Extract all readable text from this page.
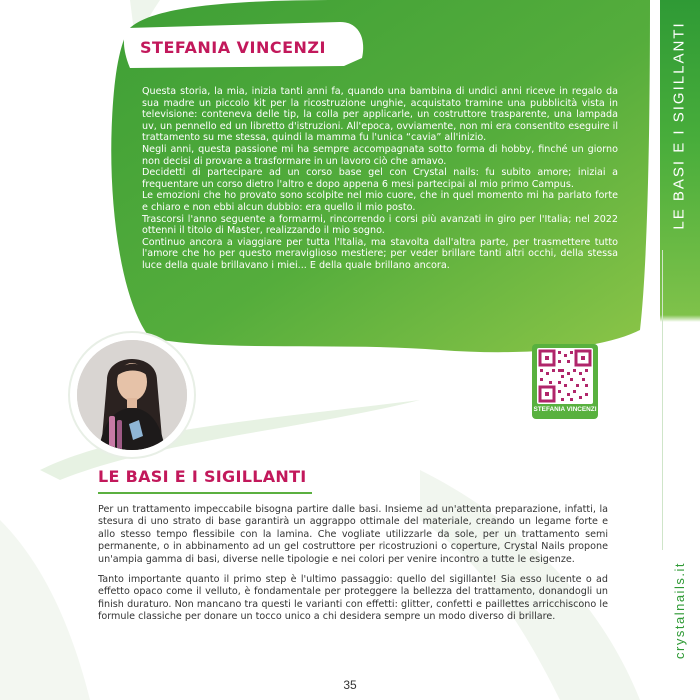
LE BASI E I SIGILLANTI
crystalnails.it
STEFANIA VINCENZI

Questa storia, la mia, inizia tanti anni fa, quando una bambina di undici anni riceve in regalo da sua madre un piccolo kit per la ricostruzione unghie, acquistato tramine una pubblicità vista in televisione: conteneva delle tip, la colla per applicarle, un costruttore trasparente, una lampada uv, un pennello ed un libretto d'istruzioni. All'epoca, ovviamente, non mi era consentito eseguire il trattamento su me stessa, quindi la mamma fu l'unica “cavia” all'inizio.

Negli anni, questa passione mi ha sempre accompagnata sotto forma di hobby, finché un giorno non decisi di provare a trasformare in un lavoro ciò che amavo.

Decidetti di partecipare ad un corso base gel con Crystal nails: fu subito amore; iniziai a frequentare un corso dietro l'altro e dopo appena 6 mesi partecipai al mio primo Campus.

Le emozioni che ho provato sono scolpite nel mio cuore, che in quel momento mi ha parlato forte e chiaro e non ebbi alcun dubbio: era quello il mio posto.

Trascorsi l'anno seguente a formarmi, rincorrendo i corsi più avanzati in giro per l'Italia; nel 2022 ottenni il titolo di Master, realizzando il mio sogno.

Continuo ancora a viaggiare per tutta l'Italia, ma stavolta dall'altra parte, per trasmettere tutto l'amore che ho per questo meraviglioso mestiere; per veder brillare tanti altri occhi, della stessa luce della quale brillavano i miei... E della quale brillano ancora.

STEFANIA VINCENZI
LE BASI E I SIGILLANTI

Per un trattamento impeccabile bisogna partire dalle basi. Insieme ad un'attenta preparazione, infatti, la stesura di uno strato di base garantirà un aggrappo ottimale del materiale, creando un legame forte e allo stesso tempo flessibile con la lamina. Che vogliate utilizzarle da sole, per un trattamento semi permanente, o in abbinamento ad un gel costruttore per ricostruzioni o coperture, Crystal Nails propone un'ampia gamma di basi, diverse nelle tipologie e nei colori per venire incontro a tutte le esigenze.

Tanto importante quanto il primo step è l'ultimo passaggio: quello del sigillante! Sia esso lucente o ad effetto opaco come il velluto, è fondamentale per proteggere la bellezza del trattamento, donandogli un finish duraturo. Non mancano tra questi le varianti con effetti: glitter, confetti e paillettes arricchiscono le formule classiche per donare un tocco unico a chi desidera sempre un modo diverso di brillare.

35
